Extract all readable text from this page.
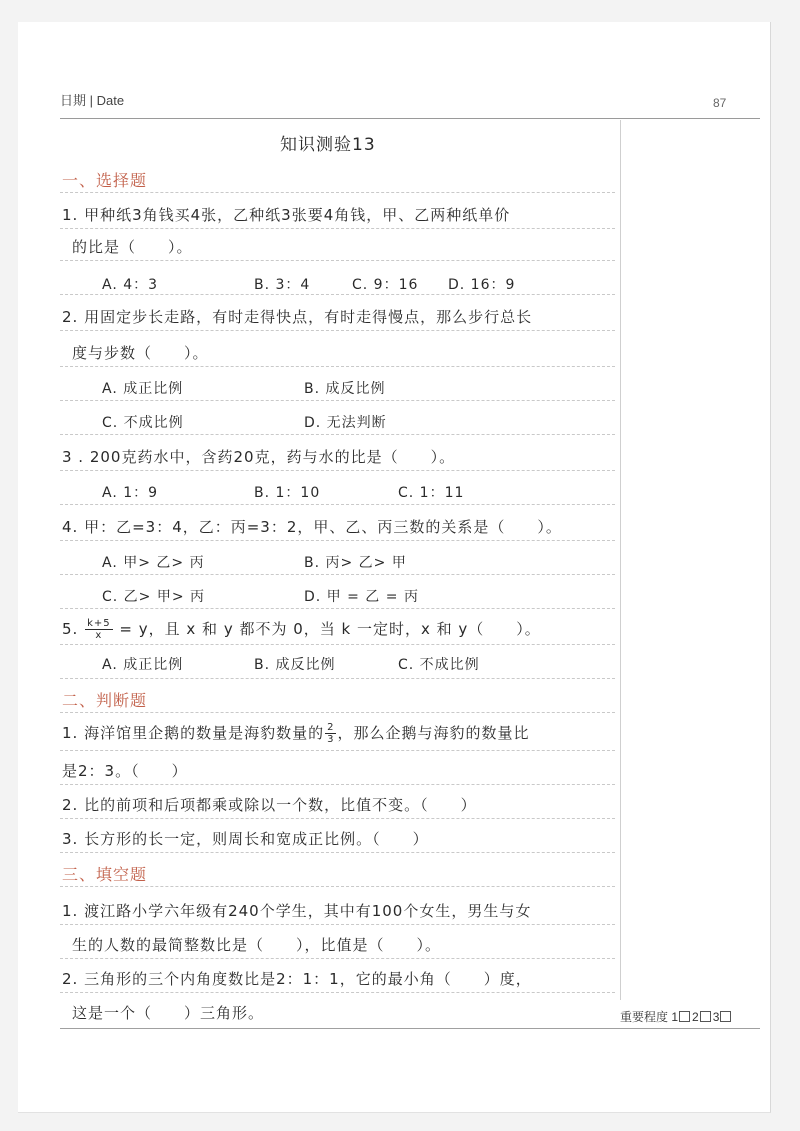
日期 | Date	87
知识测验13
一、选择题
1. 甲种纸3角钱买4张，乙种纸3张要4角钱，甲、乙两种纸单价
的比是（　　）。
A. 4：3	B. 3：4	C. 9：16 D. 16：9
2. 用固定步长走路，有时走得快点，有时走得慢点，那么步行总长
度与步数（　　）。
A. 成正比例	B. 成反比例
C. 不成比例	D. 无法判断
3 . 200克药水中，含药20克，药与水的比是（　　）。
A. 1：9	B. 1：10	C. 1：11
4. 甲：乙=3：4，乙：丙=3：2，甲、乙、丙三数的关系是（　　）。
A. 甲> 乙> 丙	B. 丙> 乙> 甲
C. 乙> 甲> 丙	D. 甲 = 乙 = 丙
5. $\frac{k+5}{x} = y$，且 x 和 y 都不为 0，当 k 一定时，x 和 y（　　）。
A. 成正比例	B. 成反比例	C. 不成比例
二、判断题
1. 海洋馆里企鹅的数量是海豹数量的 $\frac{2}{3}$ ，那么企鹅与海豹的数量比
是2：3。（　　）
2. 比的前项和后项都乘或除以一个数，比值不变。（　　）
3. 长方形的长一定，则周长和宽成正比例。（　　）
三、填空题
1. 渡江路小学六年级有240个学生，其中有100个女生，男生与女
生的人数的最简整数比是（　　），比值是（　　）。
2. 三角形的三个内角度数比是2：1：1，它的最小角（　　）度，
这是一个（　　）三角形。	重要程度 1 2 3
